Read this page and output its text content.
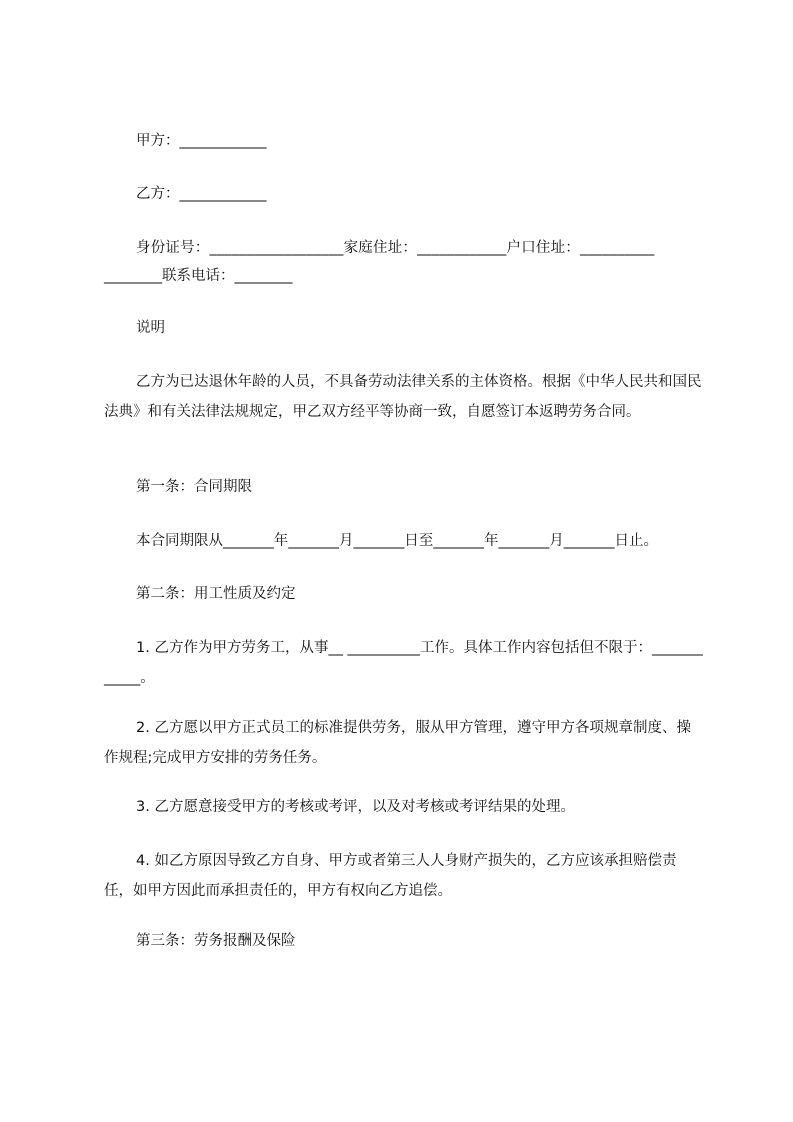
甲方：____________
乙方：____________
身份证号：__________________家庭住址：____________户口住址：__________
________联系电话：________
说明
乙方为已达退休年龄的人员，不具备劳动法律关系的主体资格。根据《中华人民共和国民法典》和有关法律法规规定，甲乙双方经平等协商一致，自愿签订本返聘劳务合同。
第一条：合同期限
本合同期限从_______年_______月_______日至_______年_______月_______日止。
第二条：用工性质及约定
1. 乙方作为甲方劳务工，从事__ __________工作。具体工作内容包括但不限于：____________。
2. 乙方愿以甲方正式员工的标准提供劳务，服从甲方管理，遵守甲方各项规章制度、操作规程;完成甲方安排的劳务任务。
3. 乙方愿意接受甲方的考核或考评，以及对考核或考评结果的处理。
4. 如乙方原因导致乙方自身、甲方或者第三人人身财产损失的，乙方应该承担赔偿责任，如甲方因此而承担责任的，甲方有权向乙方追偿。
第三条：劳务报酬及保险
